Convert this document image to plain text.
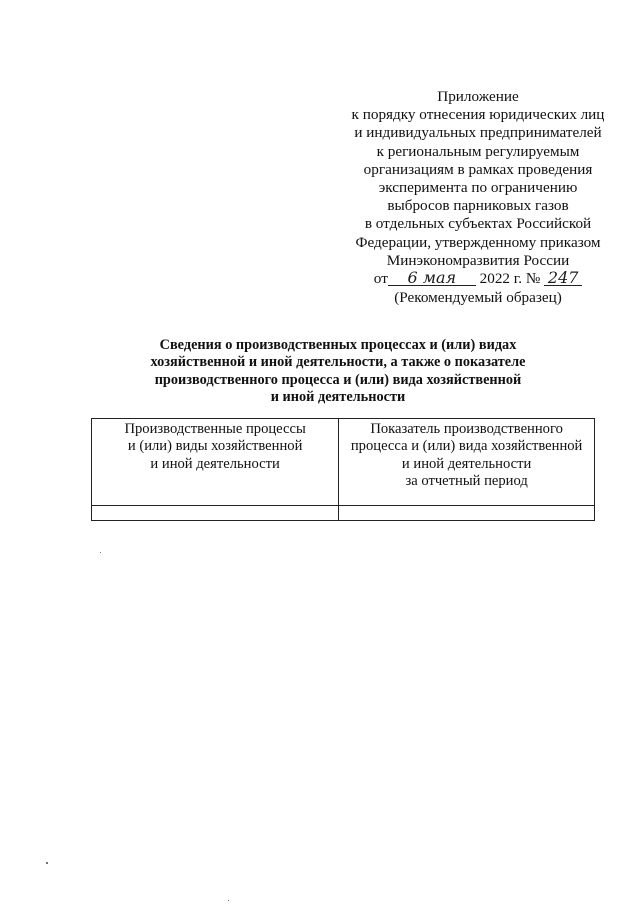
Приложение
к порядку отнесения юридических лиц
и индивидуальных предпринимателей
к региональным регулируемым
организациям в рамках проведения
эксперимента по ограничению
выбросов парниковых газов
в отдельных субъектах Российской
Федерации, утвержденному приказом
Минэкономразвития России
от 6 мая 2022 г. № 247
(Рекомендуемый образец)
Сведения о производственных процессах и (или) видах
хозяйственной и иной деятельности, а также о показателе
производственного процесса и (или) вида хозяйственной
и иной деятельности
Производственные процессы
и (или) виды хозяйственной
и иной деятельности	Показатель производственного
процесса и (или) вида хозяйственной
и иной деятельности
за отчетный период
